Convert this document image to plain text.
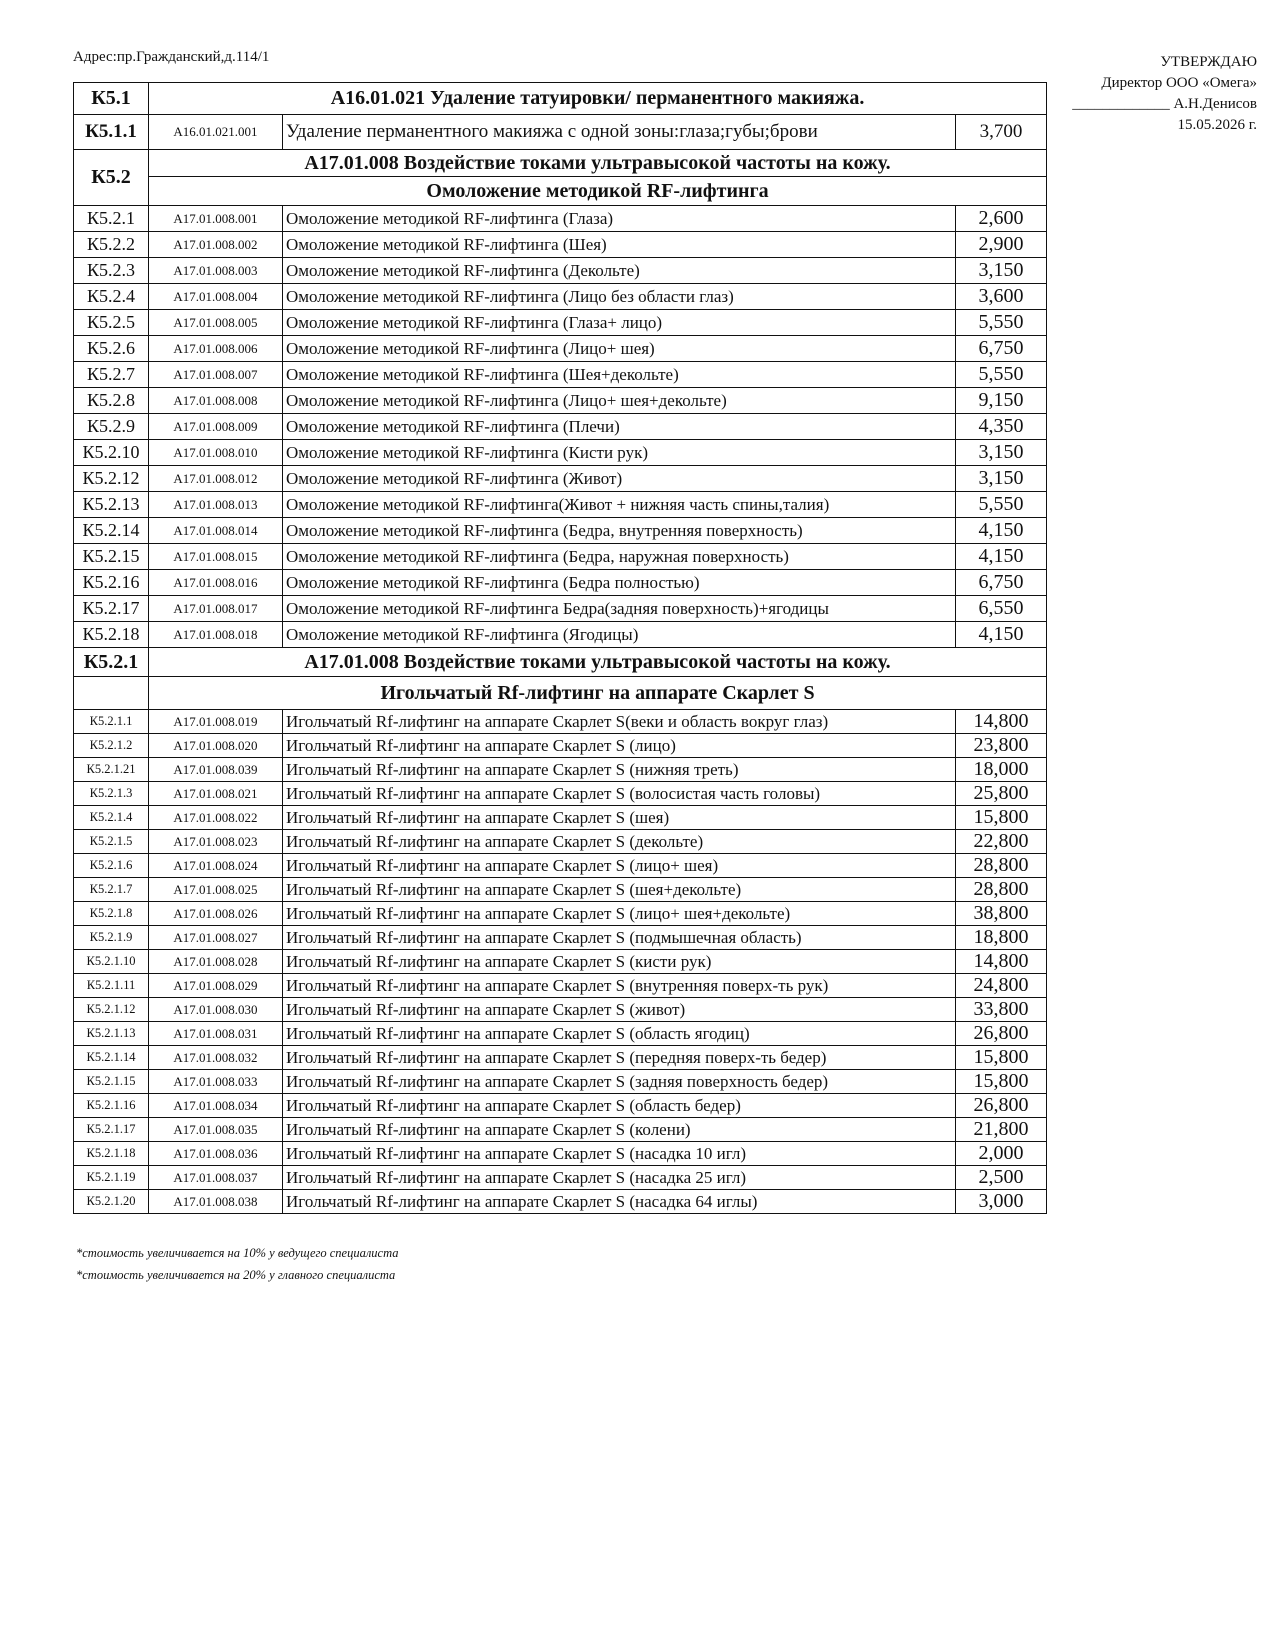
Адрес:пр.Гражданский,д.114/1	УТВЕРЖДАЮ
Директор ООО «Омега»
_____________ А.Н.Денисов
15.05.2026 г.
К5.1	А16.01.021 Удаление татуировки/ перманентного макияжа.		
К5.1.1	А16.01.021.001	Удаление перманентного макияжа с одной зоны:глаза;губы;брови	3,700
К5.2	А17.01.008 Воздействие токами ультравысокой частоты на кожу.		
	Омоложение методикой RF-лифтинга		
К5.2.1	А17.01.008.001	Омоложение методикой RF-лифтинга (Глаза)	2,600
К5.2.2	А17.01.008.002	Омоложение методикой RF-лифтинга (Шея)	2,900
К5.2.3	А17.01.008.003	Омоложение методикой RF-лифтинга (Декольте)	3,150
К5.2.4	А17.01.008.004	Омоложение методикой RF-лифтинга (Лицо без области глаз)	3,600
К5.2.5	А17.01.008.005	Омоложение методикой RF-лифтинга (Глаза+ лицо)	5,550
К5.2.6	А17.01.008.006	Омоложение методикой RF-лифтинга (Лицо+ шея)	6,750
К5.2.7	А17.01.008.007	Омоложение методикой RF-лифтинга (Шея+декольте)	5,550
К5.2.8	А17.01.008.008	Омоложение методикой RF-лифтинга (Лицо+ шея+декольте)	9,150
К5.2.9	А17.01.008.009	Омоложение методикой RF-лифтинга (Плечи)	4,350
К5.2.10	А17.01.008.010	Омоложение методикой RF-лифтинга (Кисти рук)	3,150
К5.2.12	А17.01.008.012	Омоложение методикой RF-лифтинга (Живот)	3,150
К5.2.13	А17.01.008.013	Омоложение методикой RF-лифтинга(Живот + нижняя часть спины,талия)	5,550
К5.2.14	А17.01.008.014	Омоложение методикой RF-лифтинга (Бедра, внутренняя поверхность)	4,150
К5.2.15	А17.01.008.015	Омоложение методикой RF-лифтинга (Бедра, наружная поверхность)	4,150
К5.2.16	А17.01.008.016	Омоложение методикой RF-лифтинга (Бедра полностью)	6,750
К5.2.17	А17.01.008.017	Омоложение методикой RF-лифтинга Бедра(задняя поверхность)+ягодицы	6,550
К5.2.18	А17.01.008.018	Омоложение методикой RF-лифтинга (Ягодицы)	4,150
К5.2.1	А17.01.008 Воздействие токами ультравысокой частоты на кожу.		
	Игольчатый Rf-лифтинг на аппарате Скарлет S		
К5.2.1.1	А17.01.008.019	Игольчатый Rf-лифтинг на аппарате Скарлет S(веки и область вокруг глаз)	14,800
К5.2.1.2	А17.01.008.020	Игольчатый Rf-лифтинг на аппарате Скарлет S (лицо)	23,800
К5.2.1.21	А17.01.008.039	Игольчатый Rf-лифтинг на аппарате Скарлет S (нижняя треть)	18,000
К5.2.1.3	А17.01.008.021	Игольчатый Rf-лифтинг на аппарате Скарлет S (волосистая часть головы)	25,800
К5.2.1.4	А17.01.008.022	Игольчатый Rf-лифтинг на аппарате Скарлет S (шея)	15,800
К5.2.1.5	А17.01.008.023	Игольчатый Rf-лифтинг на аппарате Скарлет S (декольте)	22,800
К5.2.1.6	А17.01.008.024	Игольчатый Rf-лифтинг на аппарате Скарлет S (лицо+ шея)	28,800
К5.2.1.7	А17.01.008.025	Игольчатый Rf-лифтинг на аппарате Скарлет S (шея+декольте)	28,800
К5.2.1.8	А17.01.008.026	Игольчатый Rf-лифтинг на аппарате Скарлет S (лицо+ шея+декольте)	38,800
К5.2.1.9	А17.01.008.027	Игольчатый Rf-лифтинг на аппарате Скарлет S (подмышечная область)	18,800
К5.2.1.10	А17.01.008.028	Игольчатый Rf-лифтинг на аппарате Скарлет S (кисти рук)	14,800
К5.2.1.11	А17.01.008.029	Игольчатый Rf-лифтинг на аппарате Скарлет S (внутренняя поверх-ть рук)	24,800
К5.2.1.12	А17.01.008.030	Игольчатый Rf-лифтинг на аппарате Скарлет S (живот)	33,800
К5.2.1.13	А17.01.008.031	Игольчатый Rf-лифтинг на аппарате Скарлет S (область ягодиц)	26,800
К5.2.1.14	А17.01.008.032	Игольчатый Rf-лифтинг на аппарате Скарлет S (передняя поверх-ть бедер)	15,800
К5.2.1.15	А17.01.008.033	Игольчатый Rf-лифтинг на аппарате Скарлет S (задняя поверхность бедер)	15,800
К5.2.1.16	А17.01.008.034	Игольчатый Rf-лифтинг на аппарате Скарлет S (область бедер)	26,800
К5.2.1.17	А17.01.008.035	Игольчатый Rf-лифтинг на аппарате Скарлет S (колени)	21,800
К5.2.1.18	А17.01.008.036	Игольчатый Rf-лифтинг на аппарате Скарлет S (насадка 10 игл)	2,000
К5.2.1.19	А17.01.008.037	Игольчатый Rf-лифтинг на аппарате Скарлет S (насадка 25 игл)	2,500
К5.2.1.20	А17.01.008.038	Игольчатый Rf-лифтинг на аппарате Скарлет S (насадка 64 иглы)	3,000
*стоимость увеличивается на 10% у ведущего специалиста
*стоимость увеличивается на 20% у главного специалиста
